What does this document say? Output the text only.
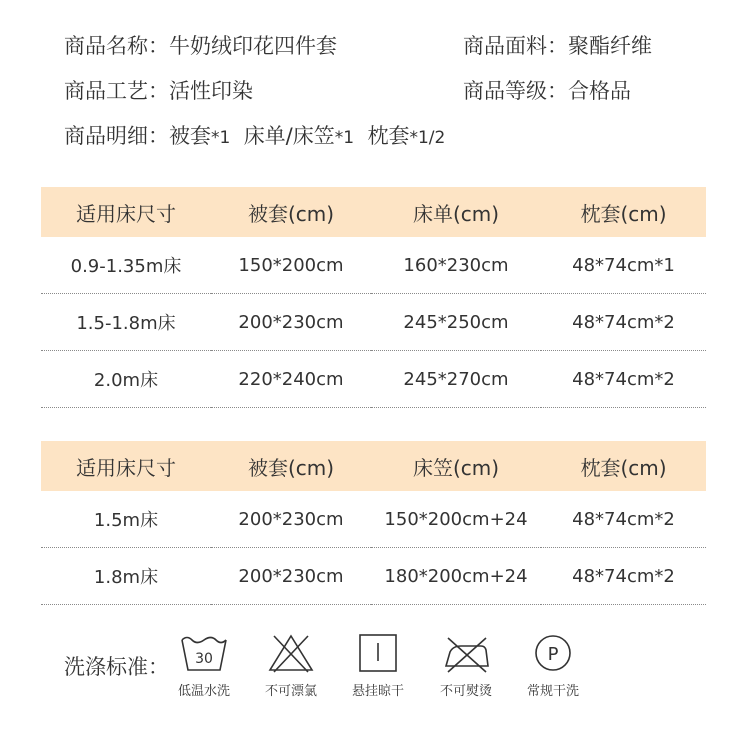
商品名称：牛奶绒印花四件套	商品面料：聚酯纤维
商品工艺：活性印染	商品等级：合格品
商品明细：被套*1 床单/床笠*1 枕套*1/2
适用床尺寸	被套(cm)	床单(cm)	枕套(cm)
0.9-1.35m床	150*200cm	160*230cm	48*74cm*1
1.5-1.8m床	200*230cm	245*250cm	48*74cm*2
2.0m床	220*240cm	245*270cm	48*74cm*2
适用床尺寸	被套(cm)	床笠(cm)	枕套(cm)
1.5m床	200*230cm	150*200cm+24	48*74cm*2
1.8m床	200*230cm	180*200cm+24	48*74cm*2
洗涤标准： 30
低温水洗	不可漂氯	悬挂晾干	不可熨烫
P
常规干洗
